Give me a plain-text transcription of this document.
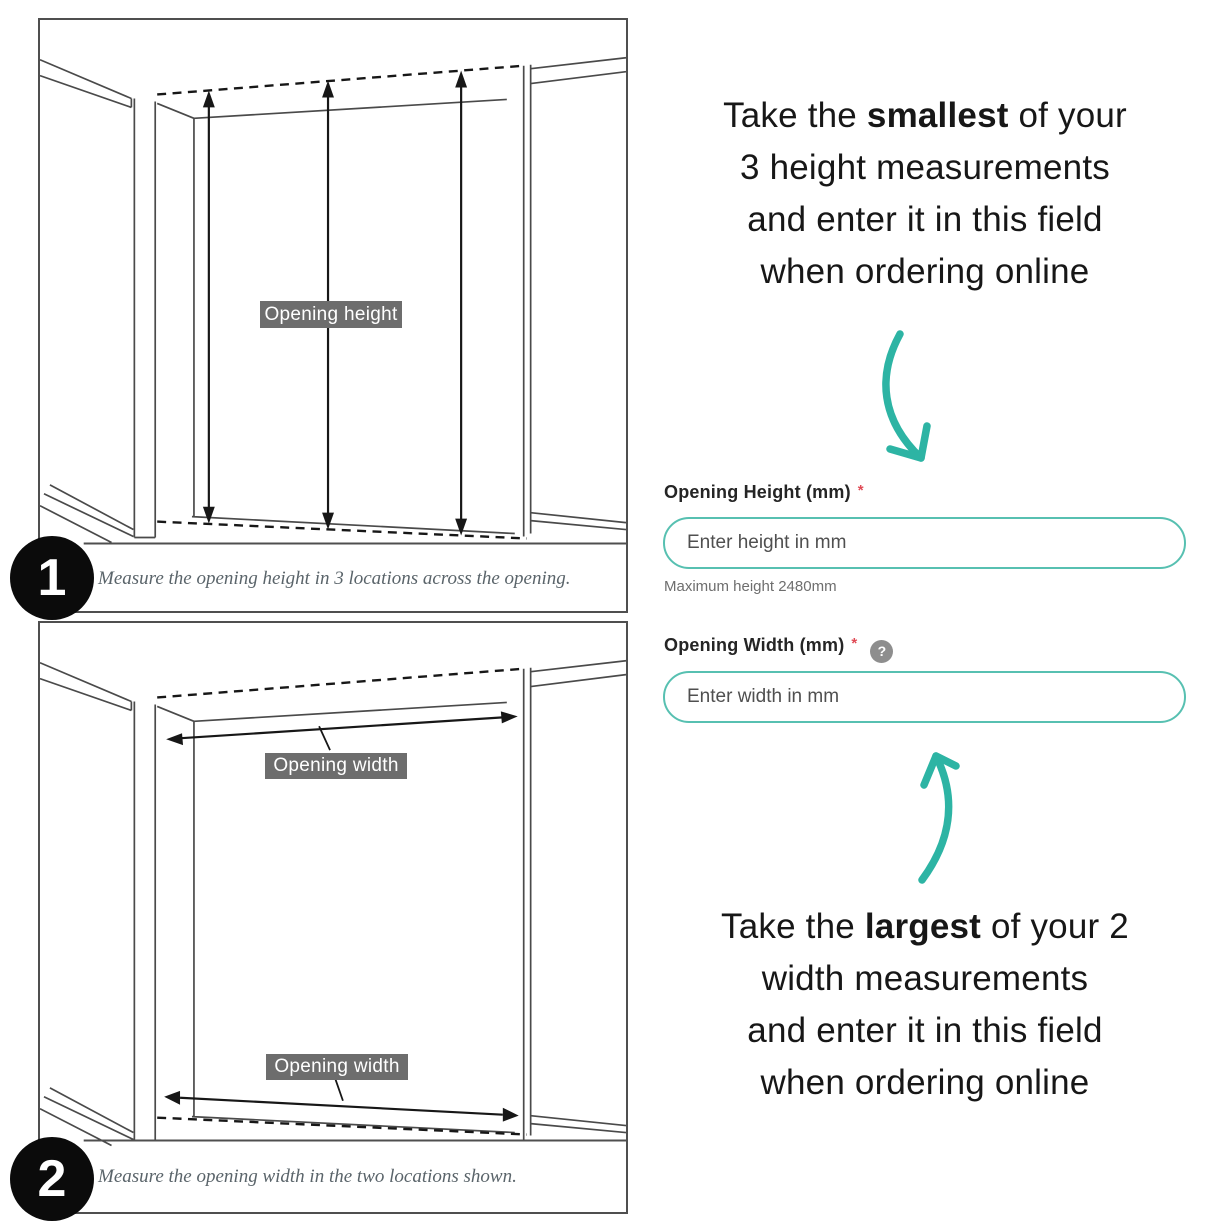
Opening height
Measure the opening height in 3 locations across the opening.
1
Opening width
Opening width
Measure the opening width in the two locations shown.
2
Take the smallest of your
3 height measurements
and enter it in this field
when ordering online
Opening Height (mm) *
Enter height in mm
Maximum height 2480mm
Opening Width (mm) * ?
Enter width in mm
Take the largest of your 2
width measurements
and enter it in this field
when ordering online
